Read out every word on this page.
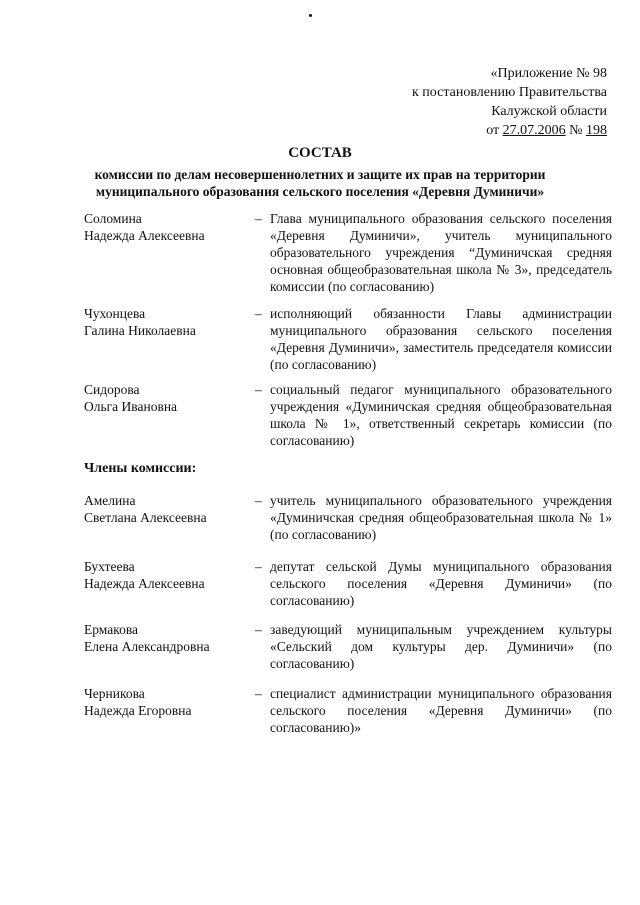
«Приложение № 98
к постановлению Правительства
Калужской области
от 27.07.2006 № 198
СОСТАВ
комиссии по делам несовершеннолетних и защите их прав на территории
муниципального образования сельского поселения «Деревня Думиничи»
Соломина
Надежда Алексеевна
– Глава муниципального образования сельского поселения «Деревня Думиничи», учитель муниципального образовательного учреждения “Думиничская средняя основная общеобразовательная школа № 3», председатель комиссии (по согласованию)
Чухонцева
Галина Николаевна
– исполняющий обязанности Главы администрации муниципального образования сельского поселения «Деревня Думиничи», заместитель председателя комиссии (по согласованию)
Сидорова
Ольга Ивановна
– социальный педагог муниципального образовательного учреждения «Думиничская средняя общеобразовательная школа № 1», ответственный секретарь комиссии (по согласованию)
Члены комиссии:
Амелина
Светлана Алексеевна
– учитель муниципального образовательного учреждения «Думиничская средняя общеобразовательная школа № 1» (по согласованию)
Бухтеева
Надежда Алексеевна
– депутат сельской Думы муниципального образования сельского поселения «Деревня Думиничи» (по согласованию)
Ермакова
Елена Александровна
– заведующий муниципальным учреждением культуры «Сельский дом культуры дер. Думиничи» (по согласованию)
Черникова
Надежда Егоровна
– специалист администрации муниципального образования сельского поселения «Деревня Думиничи» (по согласованию)»
